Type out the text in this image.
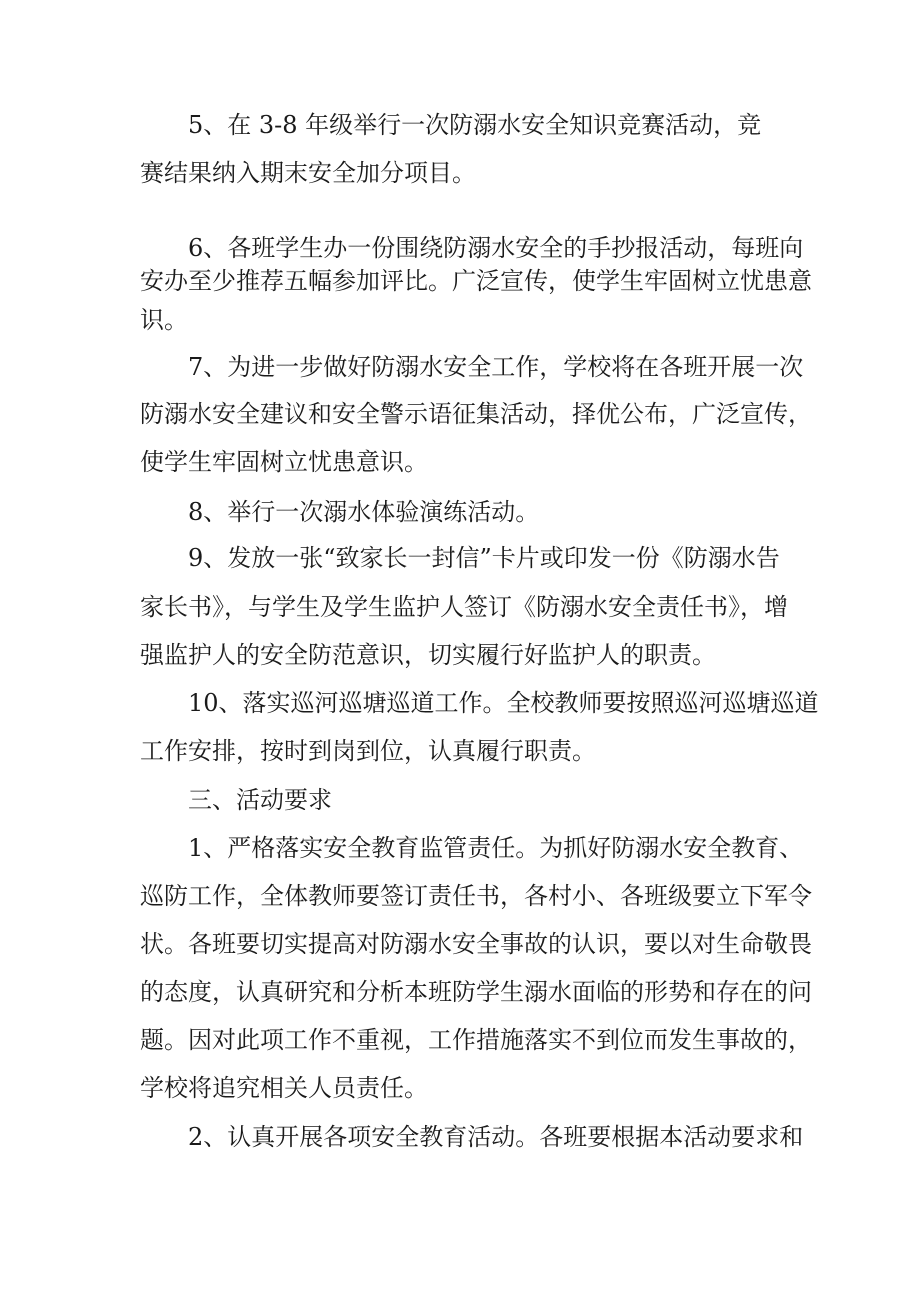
5、在 3-8 年级举行一次防溺水安全知识竞赛活动，竞
赛结果纳入期末安全加分项目。
6、各班学生办一份围绕防溺水安全的手抄报活动，每班向
安办至少推荐五幅参加评比。广泛宣传，使学生牢固树立忧患意
识。
7、为进一步做好防溺水安全工作，学校将在各班开展一次
防溺水安全建议和安全警示语征集活动，择优公布，广泛宣传，
使学生牢固树立忧患意识。
8、举行一次溺水体验演练活动。
9、发放一张“致家长一封信”卡片或印发一份《防溺水告
家长书》，与学生及学生监护人签订《防溺水安全责任书》，增
强监护人的安全防范意识，切实履行好监护人的职责。
10、落实巡河巡塘巡道工作。全校教师要按照巡河巡塘巡道
工作安排，按时到岗到位，认真履行职责。
三、活动要求
1、严格落实安全教育监管责任。为抓好防溺水安全教育、
巡防工作，全体教师要签订责任书，各村小、各班级要立下军令
状。各班要切实提高对防溺水安全事故的认识，要以对生命敬畏
的态度，认真研究和分析本班防学生溺水面临的形势和存在的问
题。因对此项工作不重视，工作措施落实不到位而发生事故的，
学校将追究相关人员责任。
2、认真开展各项安全教育活动。各班要根据本活动要求和
